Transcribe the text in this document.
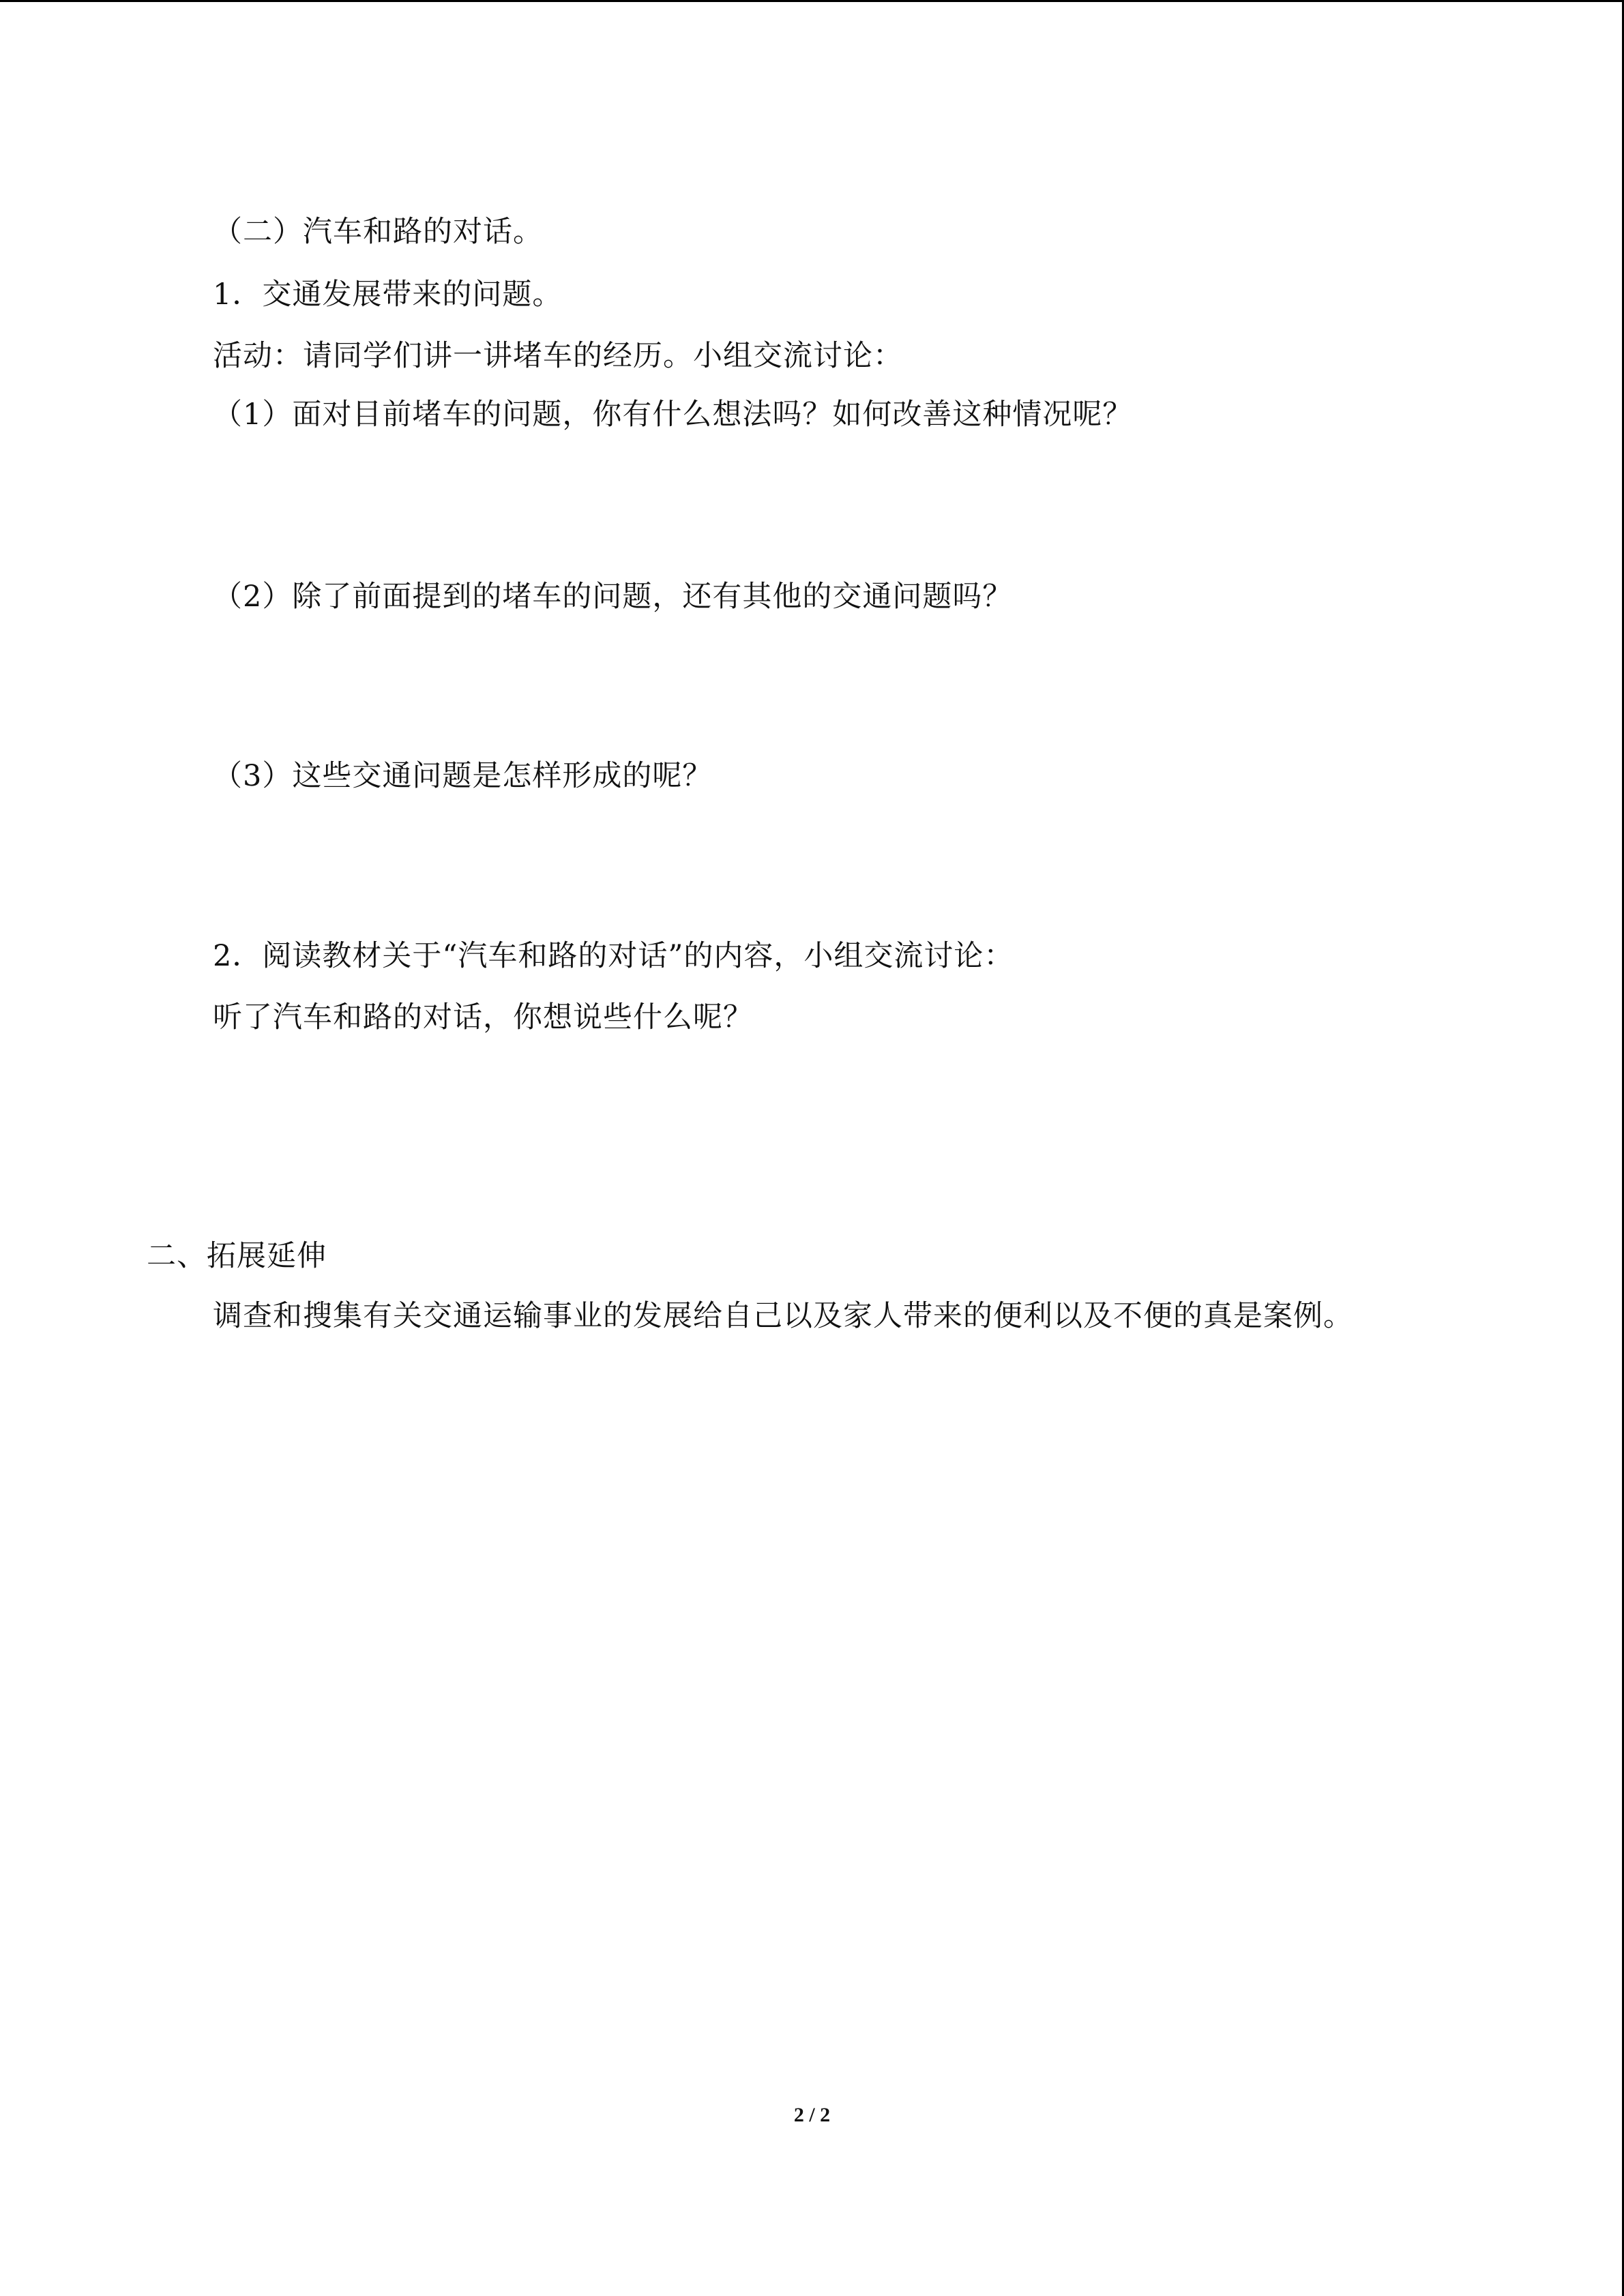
（二）汽车和路的对话。
1．交通发展带来的问题。
活动：请同学们讲一讲堵车的经历。小组交流讨论：
（1）面对目前堵车的问题，你有什么想法吗？如何改善这种情况呢？
（2）除了前面提到的堵车的问题，还有其他的交通问题吗？
（3）这些交通问题是怎样形成的呢？
2．阅读教材关于“汽车和路的对话”的内容，小组交流讨论：
听了汽车和路的对话，你想说些什么呢？
二、拓展延伸
调查和搜集有关交通运输事业的发展给自己以及家人带来的便利以及不便的真是案例。
2 / 2
